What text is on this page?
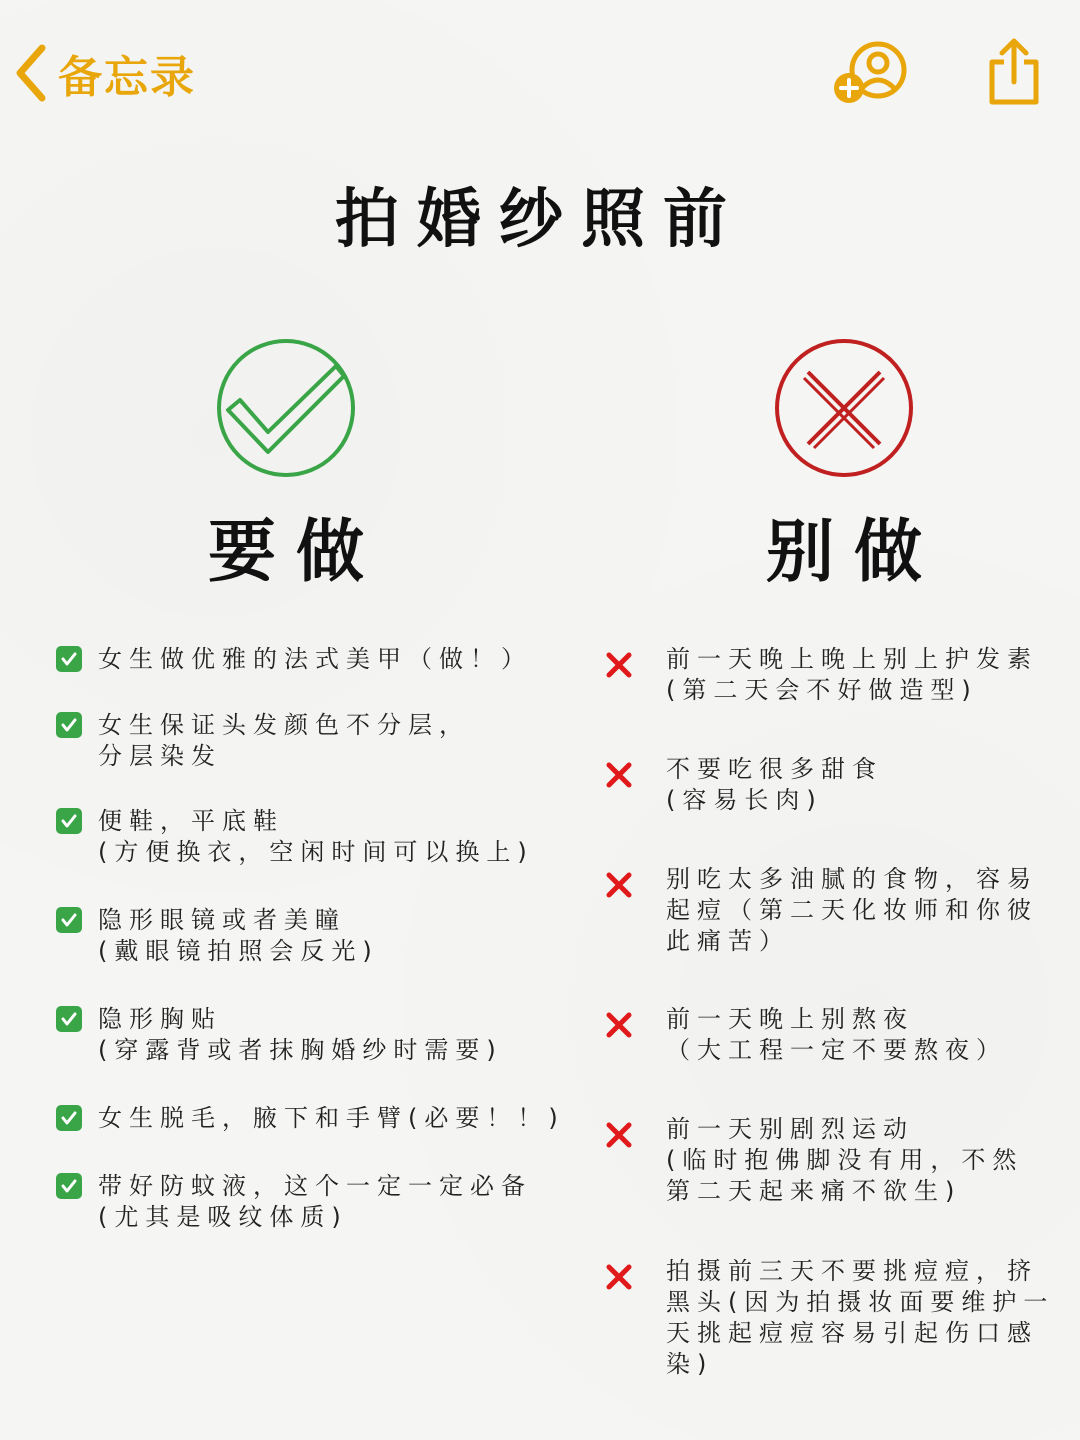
备忘录
拍婚纱照前
要做	别做
女生做优雅的法式美甲（做！）
女生保证头发颜色不分层，
分层染发
便鞋，平底鞋
(方便换衣，空闲时间可以换上)
隐形眼镜或者美瞳
(戴眼镜拍照会反光)
隐形胸贴
(穿露背或者抹胸婚纱时需要)
女生脱毛，腋下和手臂(必要！！)
带好防蚊液，这个一定一定必备
(尤其是吸纹体质)
前一天晚上晚上别上护发素
(第二天会不好做造型)
不要吃很多甜食
(容易长肉)
别吃太多油腻的食物，容易
起痘（第二天化妆师和你彼
此痛苦）
前一天晚上别熬夜
（大工程一定不要熬夜）
前一天别剧烈运动
(临时抱佛脚没有用，不然
第二天起来痛不欲生)
拍摄前三天不要挑痘痘，挤
黑头(因为拍摄妆面要维护一
天挑起痘痘容易引起伤口感
染)
